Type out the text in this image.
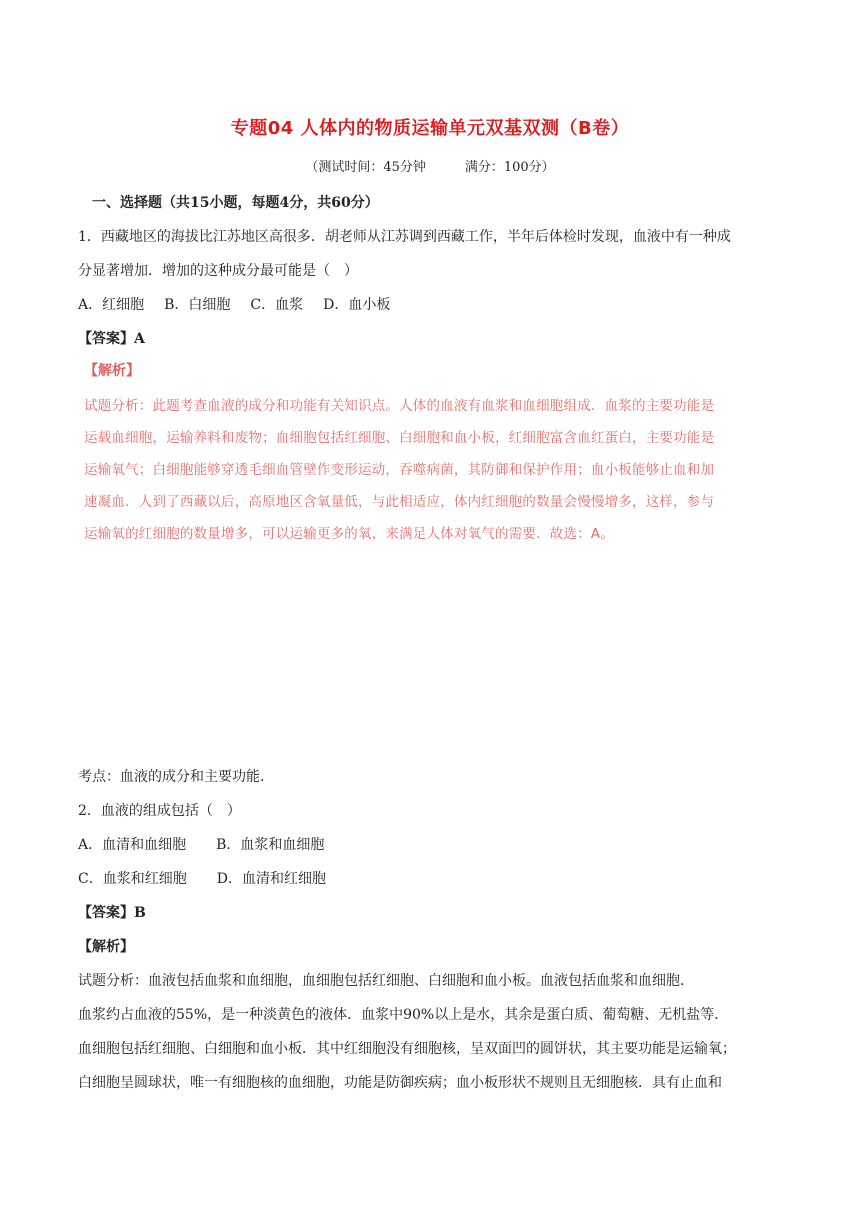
专题04 人体内的物质运输单元双基双测（B卷）
（测试时间：45分钟　　　满分：100分）
一、选择题（共15小题，每题4分，共60分）
1．西藏地区的海拔比江苏地区高很多．胡老师从江苏调到西藏工作，半年后体检时发现，血液中有一种成
分显著增加．增加的这种成分最可能是（　）
A．红细胞 B．白细胞 C．血浆 D．血小板
【答案】A
【解析】
试题分析：此题考查血液的成分和功能有关知识点。人体的血液有血浆和血细胞组成．血浆的主要功能是
运载血细胞，运输养料和废物；血细胞包括红细胞、白细胞和血小板，红细胞富含血红蛋白，主要功能是
运输氧气；白细胞能够穿透毛细血管壁作变形运动，吞噬病菌，其防御和保护作用；血小板能够止血和加
速凝血．人到了西藏以后，高原地区含氧量低，与此相适应，体内红细胞的数量会慢慢增多，这样，参与
运输氧的红细胞的数量增多，可以运输更多的氧，来满足人体对氧气的需要．故选：A。
考点：血液的成分和主要功能．
2．血液的组成包括（　）
A．血清和血细胞 B．血浆和血细胞
C．血浆和红细胞 D．血清和红细胞
【答案】B
【解析】
试题分析：血液包括血浆和血细胞，血细胞包括红细胞、白细胞和血小板。血液包括血浆和血细胞．
血浆约占血液的55%，是一种淡黄色的液体．血浆中90%以上是水，其余是蛋白质、葡萄糖、无机盐等．
血细胞包括红细胞、白细胞和血小板．其中红细胞没有细胞核，呈双面凹的圆饼状，其主要功能是运输氧；
白细胞呈圆球状，唯一有细胞核的血细胞，功能是防御疾病；血小板形状不规则且无细胞核．具有止血和
